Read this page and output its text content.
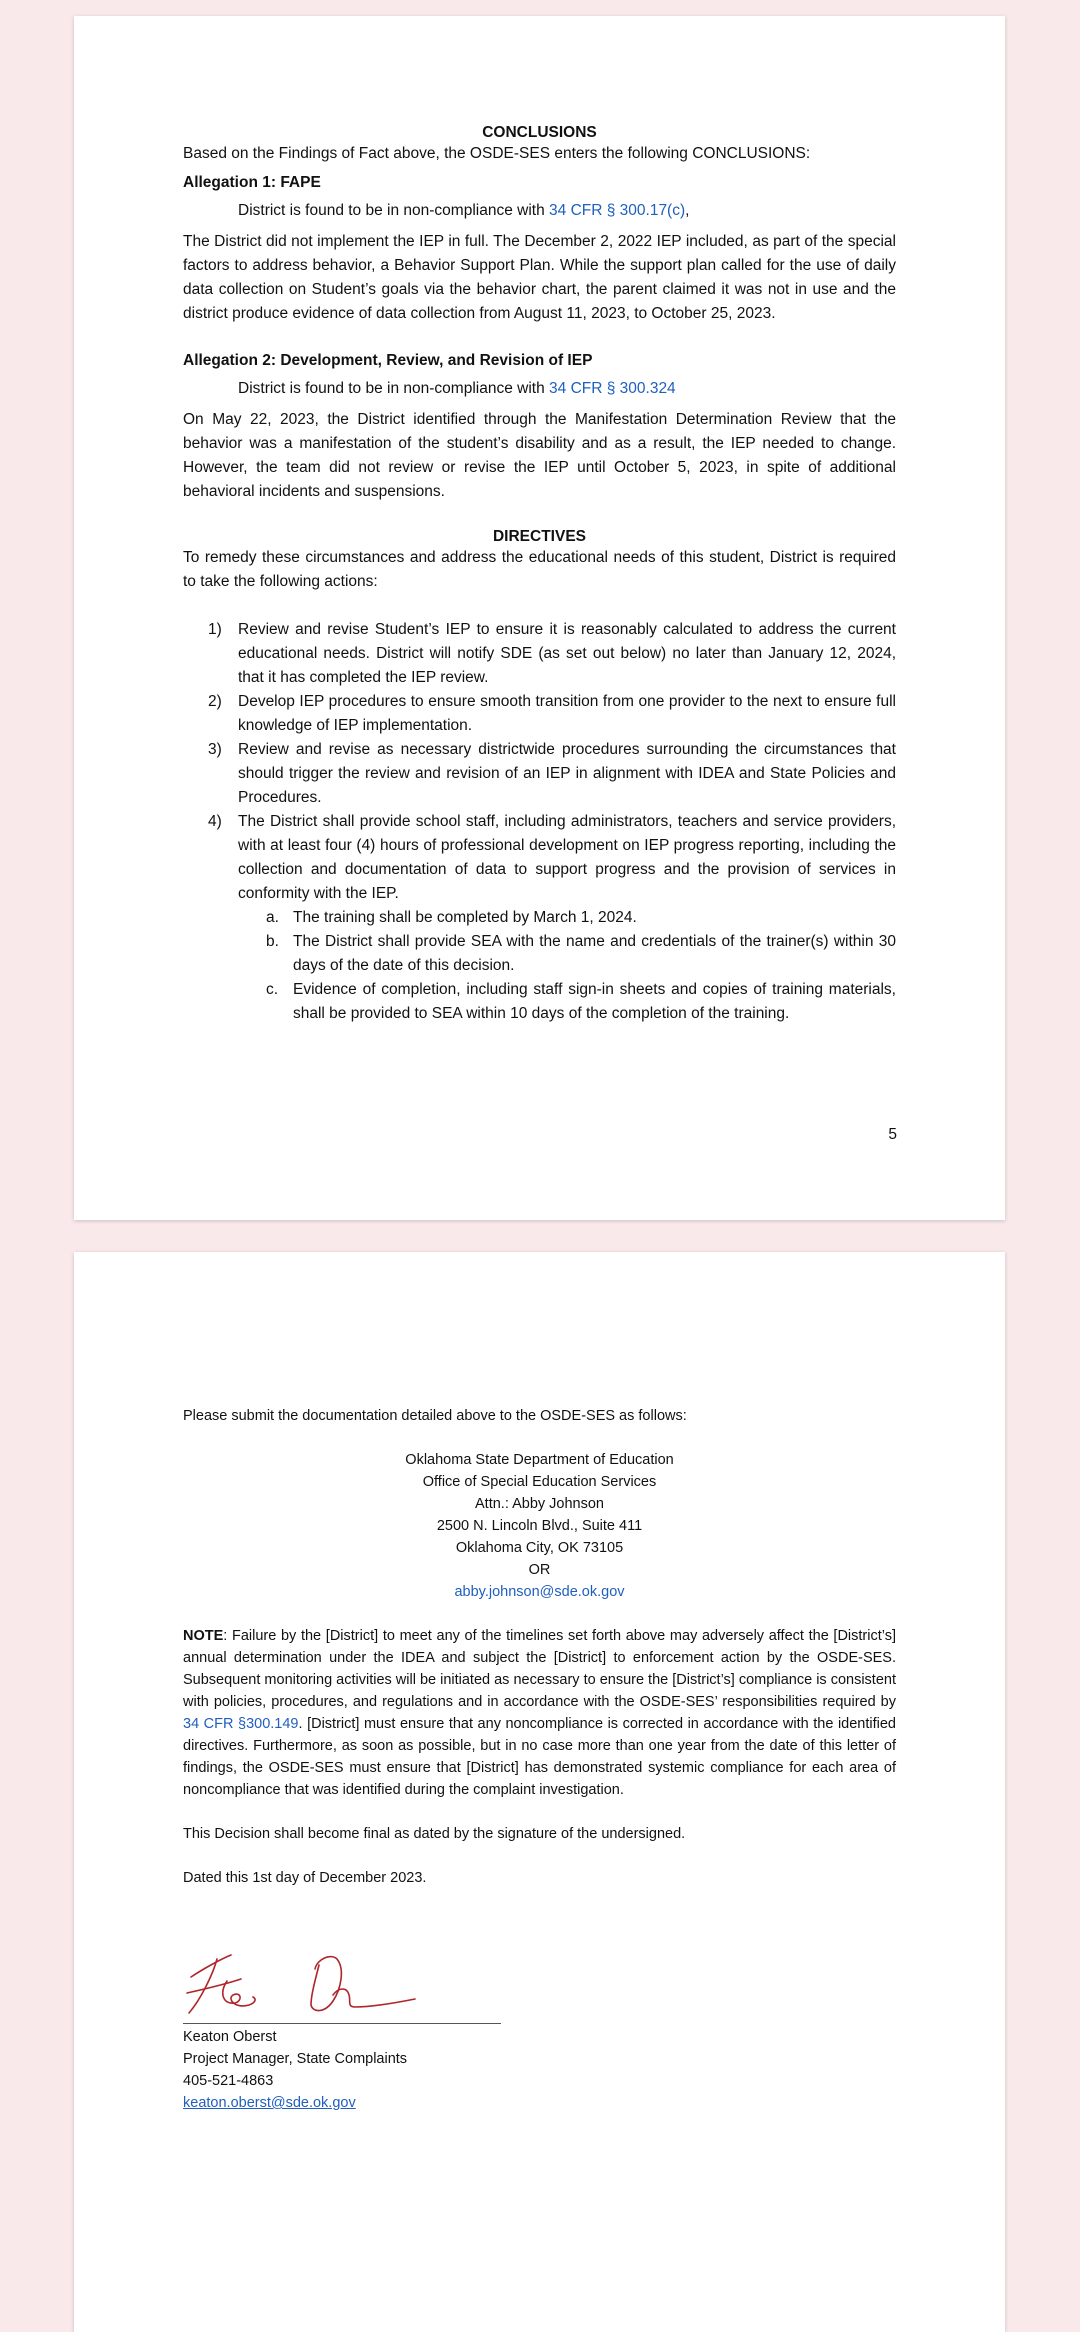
CONCLUSIONS

Based on the Findings of Fact above, the OSDE-SES enters the following CONCLUSIONS:

Allegation 1: FAPE

District is found to be in non-compliance with 34 CFR § 300.17(c),

The District did not implement the IEP in full. The December 2, 2022 IEP included, as part of the special factors to address behavior, a Behavior Support Plan. While the support plan called for the use of daily data collection on Student’s goals via the behavior chart, the parent claimed it was not in use and the district produce evidence of data collection from August 11, 2023, to October 25, 2023.

Allegation 2: Development, Review, and Revision of IEP

District is found to be in non-compliance with 34 CFR § 300.324

On May 22, 2023, the District identified through the Manifestation Determination Review that the behavior was a manifestation of the student’s disability and as a result, the IEP needed to change. However, the team did not review or revise the IEP until October 5, 2023, in spite of additional behavioral incidents and suspensions.

DIRECTIVES

To remedy these circumstances and address the educational needs of this student, District is required to take the following actions:

1) Review and revise Student’s IEP to ensure it is reasonably calculated to address the current educational needs. District will notify SDE (as set out below) no later than January 12, 2024, that it has completed the IEP review.
2) Develop IEP procedures to ensure smooth transition from one provider to the next to ensure full knowledge of IEP implementation.
3) Review and revise as necessary districtwide procedures surrounding the circumstances that should trigger the review and revision of an IEP in alignment with IDEA and State Policies and Procedures.
4) The District shall provide school staff, including administrators, teachers and service providers, with at least four (4) hours of professional development on IEP progress reporting, including the collection and documentation of data to support progress and the provision of services in conformity with the IEP.
a. The training shall be completed by March 1, 2024.
b. The District shall provide SEA with the name and credentials of the trainer(s) within 30 days of the date of this decision.
c. Evidence of completion, including staff sign-in sheets and copies of training materials, shall be provided to SEA within 10 days of the completion of the training.
5

Please submit the documentation detailed above to the OSDE-SES as follows:

Oklahoma State Department of Education

Office of Special Education Services

Attn.: Abby Johnson

2500 N. Lincoln Blvd., Suite 411

Oklahoma City, OK 73105

OR

abby.johnson@sde.ok.gov

NOTE: Failure by the [District] to meet any of the timelines set forth above may adversely affect the [District’s] annual determination under the IDEA and subject the [District] to enforcement action by the OSDE-SES. Subsequent monitoring activities will be initiated as necessary to ensure the [District’s] compliance is consistent with policies, procedures, and regulations and in accordance with the OSDE-SES’ responsibilities required by 34 CFR §300.149. [District] must ensure that any noncompliance is corrected in accordance with the identified directives. Furthermore, as soon as possible, but in no case more than one year from the date of this letter of findings, the OSDE-SES must ensure that [District] has demonstrated systemic compliance for each area of noncompliance that was identified during the complaint investigation.

This Decision shall become final as dated by the signature of the undersigned.

Dated this 1st day of December 2023.

Keaton Oberst

Project Manager, State Complaints

405-521-4863

keaton.oberst@sde.ok.gov
